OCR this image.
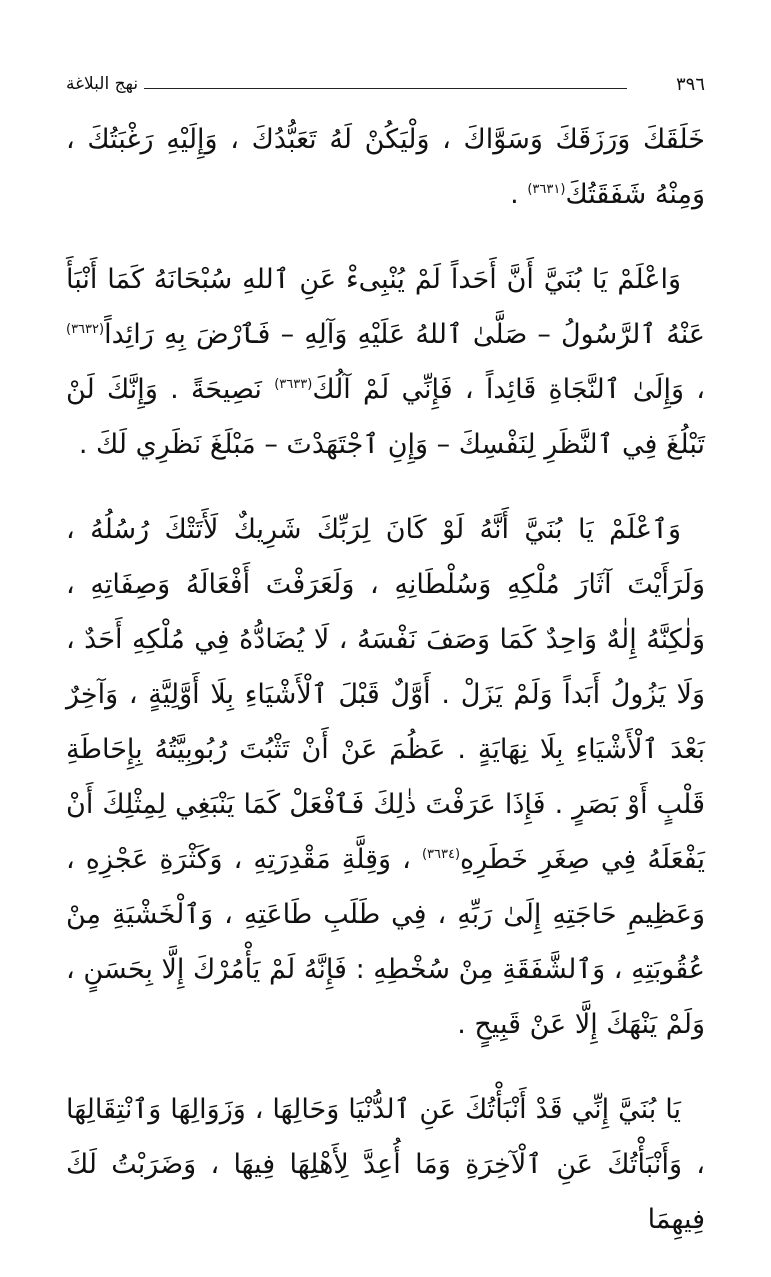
نهج البلاغة	٣٩٦

خَلَقَكَ وَرَزَقَكَ وَسَوَّاكَ ، وَلْيَكُنْ لَهُ تَعَبُّدُكَ ، وَإِلَيْهِ رَغْبَتُكَ ، وَمِنْهُ شَفَقَتُكَ$^{(٣٦٣١)}$ .

وَاعْلَمْ يَا بُنَيَّ أَنَّ أَحَداً لَمْ يُنْبِىءْ عَنِ ٱللهِ سُبْحَانَهُ كَمَا أَنْبَأَ عَنْهُ ٱلرَّسُولُ – صَلَّىٰ ٱللهُ عَلَيْهِ وَآلِهِ – فَٱرْضَ بِهِ رَائِداً$^{(٣٦٣٢)}$ ، وَإِلَىٰ ٱلنَّجَاةِ قَائِداً ، فَإِنِّي لَمْ آلُكَ$^{(٣٦٣٣)}$ نَصِيحَةً . وَإِنَّكَ لَنْ تَبْلُغَ فِي ٱلنَّظَرِ لِنَفْسِكَ – وَإِنِ ٱجْتَهَدْتَ – مَبْلَغَ نَظَرِي لَكَ .

وَٱعْلَمْ يَا بُنَيَّ أَنَّهُ لَوْ كَانَ لِرَبِّكَ شَرِيكٌ لَأَتَتْكَ رُسُلُهُ ، وَلَرَأَيْتَ آثَارَ مُلْكِهِ وَسُلْطَانِهِ ، وَلَعَرَفْتَ أَفْعَالَهُ وَصِفَاتِهِ ، وَلٰكِنَّهُ إِلٰهٌ وَاحِدٌ كَمَا وَصَفَ نَفْسَهُ ، لَا يُضَادُّهُ فِي مُلْكِهِ أَحَدٌ ، وَلَا يَزُولُ أَبَداً وَلَمْ يَزَلْ . أَوَّلٌ قَبْلَ ٱلْأَشْيَاءِ بِلَا أَوَّلِيَّةٍ ، وَآخِرٌ بَعْدَ ٱلْأَشْيَاءِ بِلَا نِهَايَةٍ . عَظُمَ عَنْ أَنْ تَثْبُتَ رُبُوبِيَّتُهُ بِإِحَاطَةِ قَلْبٍ أَوْ بَصَرٍ . فَإِذَا عَرَفْتَ ذٰلِكَ فَٱفْعَلْ كَمَا يَنْبَغِي لِمِثْلِكَ أَنْ يَفْعَلَهُ فِي صِغَرِ خَطَرِهِ$^{(٣٦٣٤)}$ ، وَقِلَّةِ مَقْدِرَتِهِ ، وَكَثْرَةِ عَجْزِهِ ، وَعَظِيمِ حَاجَتِهِ إِلَىٰ رَبِّهِ ، فِي طَلَبِ طَاعَتِهِ ، وَٱلْخَشْيَةِ مِنْ عُقُوبَتِهِ ، وَٱلشَّفَقَةِ مِنْ سُخْطِهِ : فَإِنَّهُ لَمْ يَأْمُرْكَ إِلَّا بِحَسَنٍ ، وَلَمْ يَنْهَكَ إِلَّا عَنْ قَبِيحٍ .

يَا بُنَيَّ إِنِّي قَدْ أَنْبَأْتُكَ عَنِ ٱلدُّنْيَا وَحَالِهَا ، وَزَوَالِهَا وَٱنْتِقَالِهَا ، وَأَنْبَأْتُكَ عَنِ ٱلْآخِرَةِ وَمَا أُعِدَّ لِأَهْلِهَا فِيهَا ، وَضَرَبْتُ لَكَ فِيهِمَا
